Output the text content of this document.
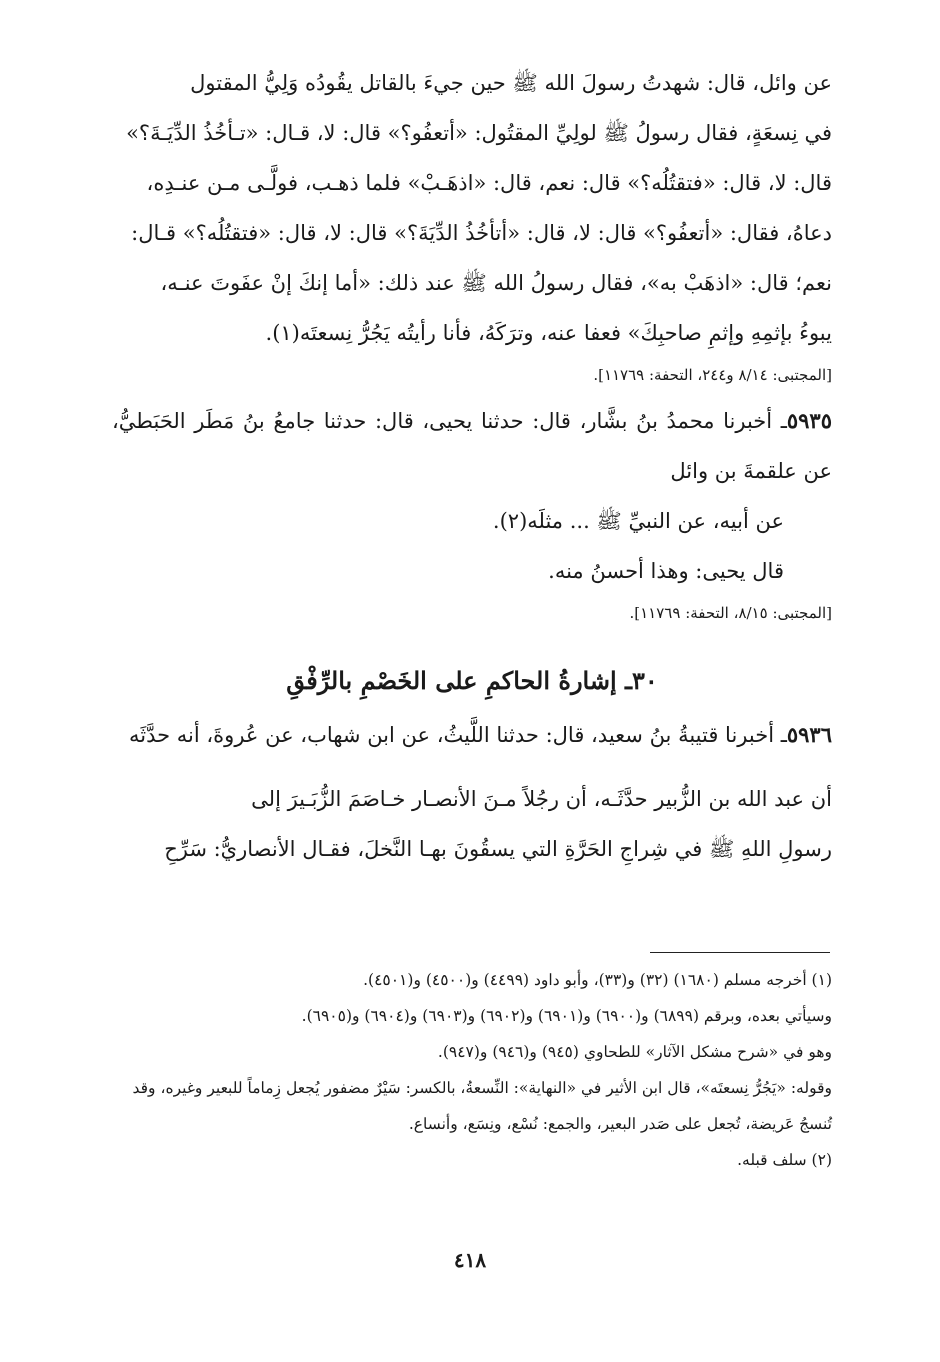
عن وائل، قال: شهدتُ رسولَ الله ﷺ حين جيءَ بالقاتل يقُودُه وَلِيُّ المقتول

في نِسعَةٍ، فقال رسولُ ﷺ لولِيِّ المقتُول: «أتعفُو؟» قال: لا، قـال: «تـأخُذُ الدِّيَـةَ؟»

قال: لا، قال: «فتقتُلُه؟» قال: نعم، قال: «اذهَـبْ» فلما ذهـب، فولَّـى مـن عنـدِه،

دعاهُ، فقال: «أتعفُو؟» قال: لا، قال: «أتأخُذُ الدِّيَةَ؟» قال: لا، قال: «فتقتُلُه؟» قـال:

نعم؛ قال: «اذهَبْ به»، فقال رسولُ الله ﷺ عند ذلك: «أما إنكَ إنْ عفَوتَ عنـه،

يبوءُ بإثمِهِ وإثمِ صاحبِكَ» فعفا عنه، وترَكَهُ، فأنا رأيتُه يَجُرُّ نِسعتَه(١).

[المجتبى: ٨/١٤ و٢٤٤، التحفة: ١١٧٦٩].

٥٩٣٥ـ أخبرنا محمدُ بنُ بشَّار، قال: حدثنا يحيى، قال: حدثنا جامعُ بنُ مَطَر الحَبَطيُّ، عن علقمةَ بن وائل

عن أبيه، عن النبيِّ ﷺ ... مثلَه(٢).

قال يحيى: وهذا أحسنُ منه.

[المجتبى: ٨/١٥، التحفة: ١١٧٦٩].

٣٠ـ إشارةُ الحاكمِ على الخَصْمِ بالرِّفْقِ

٥٩٣٦ـ أخبرنا قتيبةُ بنُ سعيد، قال: حدثنا اللَّيثُ، عن ابن شهاب، عن عُروةَ، أنه حدَّثَه

أن عبد الله بن الزُّبير حدَّثَـه، أن رجُلاً مـنَ الأنصـار خـاصَمَ الزُّبَـيرَ إلى

رسولِ اللهِ ﷺ في شِراجِ الحَرَّةِ التي يسقُونَ بهـا النَّخلَ، فقـال الأنصاريُّ: سَرِّحِ

(١) أخرجه مسلم (١٦٨٠) (٣٢) و(٣٣)، وأبو داود (٤٤٩٩) و(٤٥٠٠) و(٤٥٠١).

وسيأتي بعده، وبرقم (٦٨٩٩) و(٦٩٠٠) و(٦٩٠١) و(٦٩٠٢) و(٦٩٠٣) و(٦٩٠٤) و(٦٩٠٥).

وهو في «شرح مشكل الآثار» للطحاوي (٩٤٥) و(٩٤٦) و(٩٤٧).

وقوله: «يَجُرُّ نِسعتَه»، قال ابن الأثير في «النهاية»: النِّسعةُ، بالكسر: سَيْرٌ مضفور يُجعل زِماماً للبعير وغيره، وقد تُنسجُ عَريضة، تُجعل على صَدر البعير، والجمع: نُسْع، ونِسَع، وأنساع.

(٢) سلف قبله.

٤١٨
